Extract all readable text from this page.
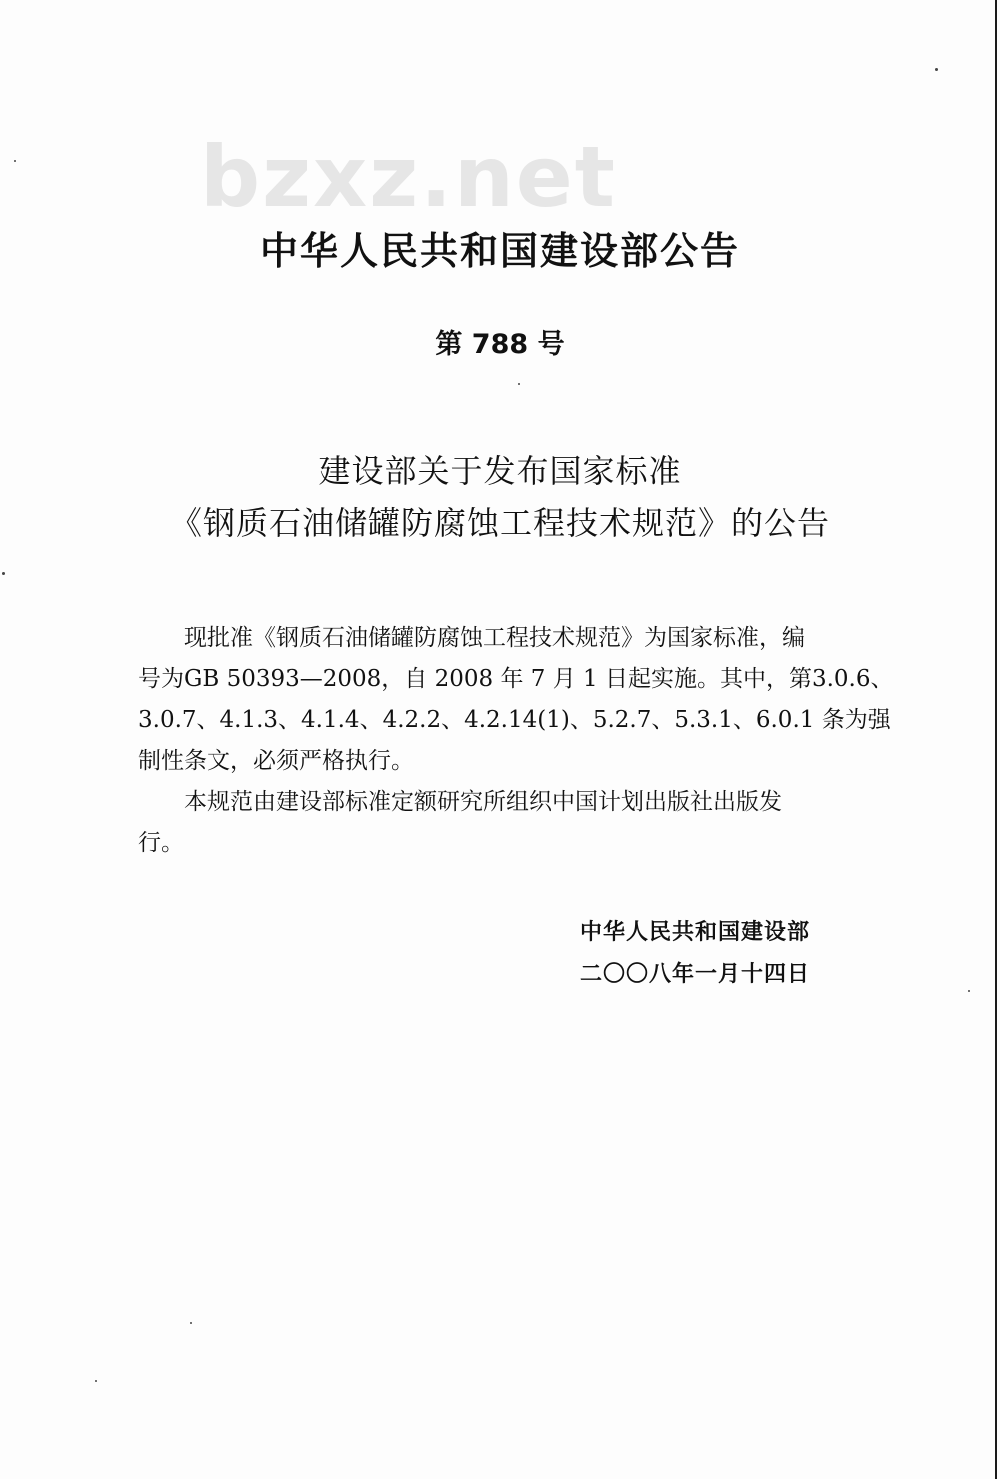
bzxz.net
中华人民共和国建设部公告
第 788 号
建设部关于发布国家标准
《钢质石油储罐防腐蚀工程技术规范》的公告

现批准《钢质石油储罐防腐蚀工程技术规范》为国家标准，编
号为GB 50393—2008，自 2008 年 7 月 1 日起实施。其中，第3.0.6、
3.0.7、4.1.3、4.1.4、4.2.2、4.2.14(1)、5.2.7、5.3.1、6.0.1 条为强
制性条文，必须严格执行。

本规范由建设部标准定额研究所组织中国计划出版社出版发
行。

中华人民共和国建设部
二〇〇八年一月十四日
